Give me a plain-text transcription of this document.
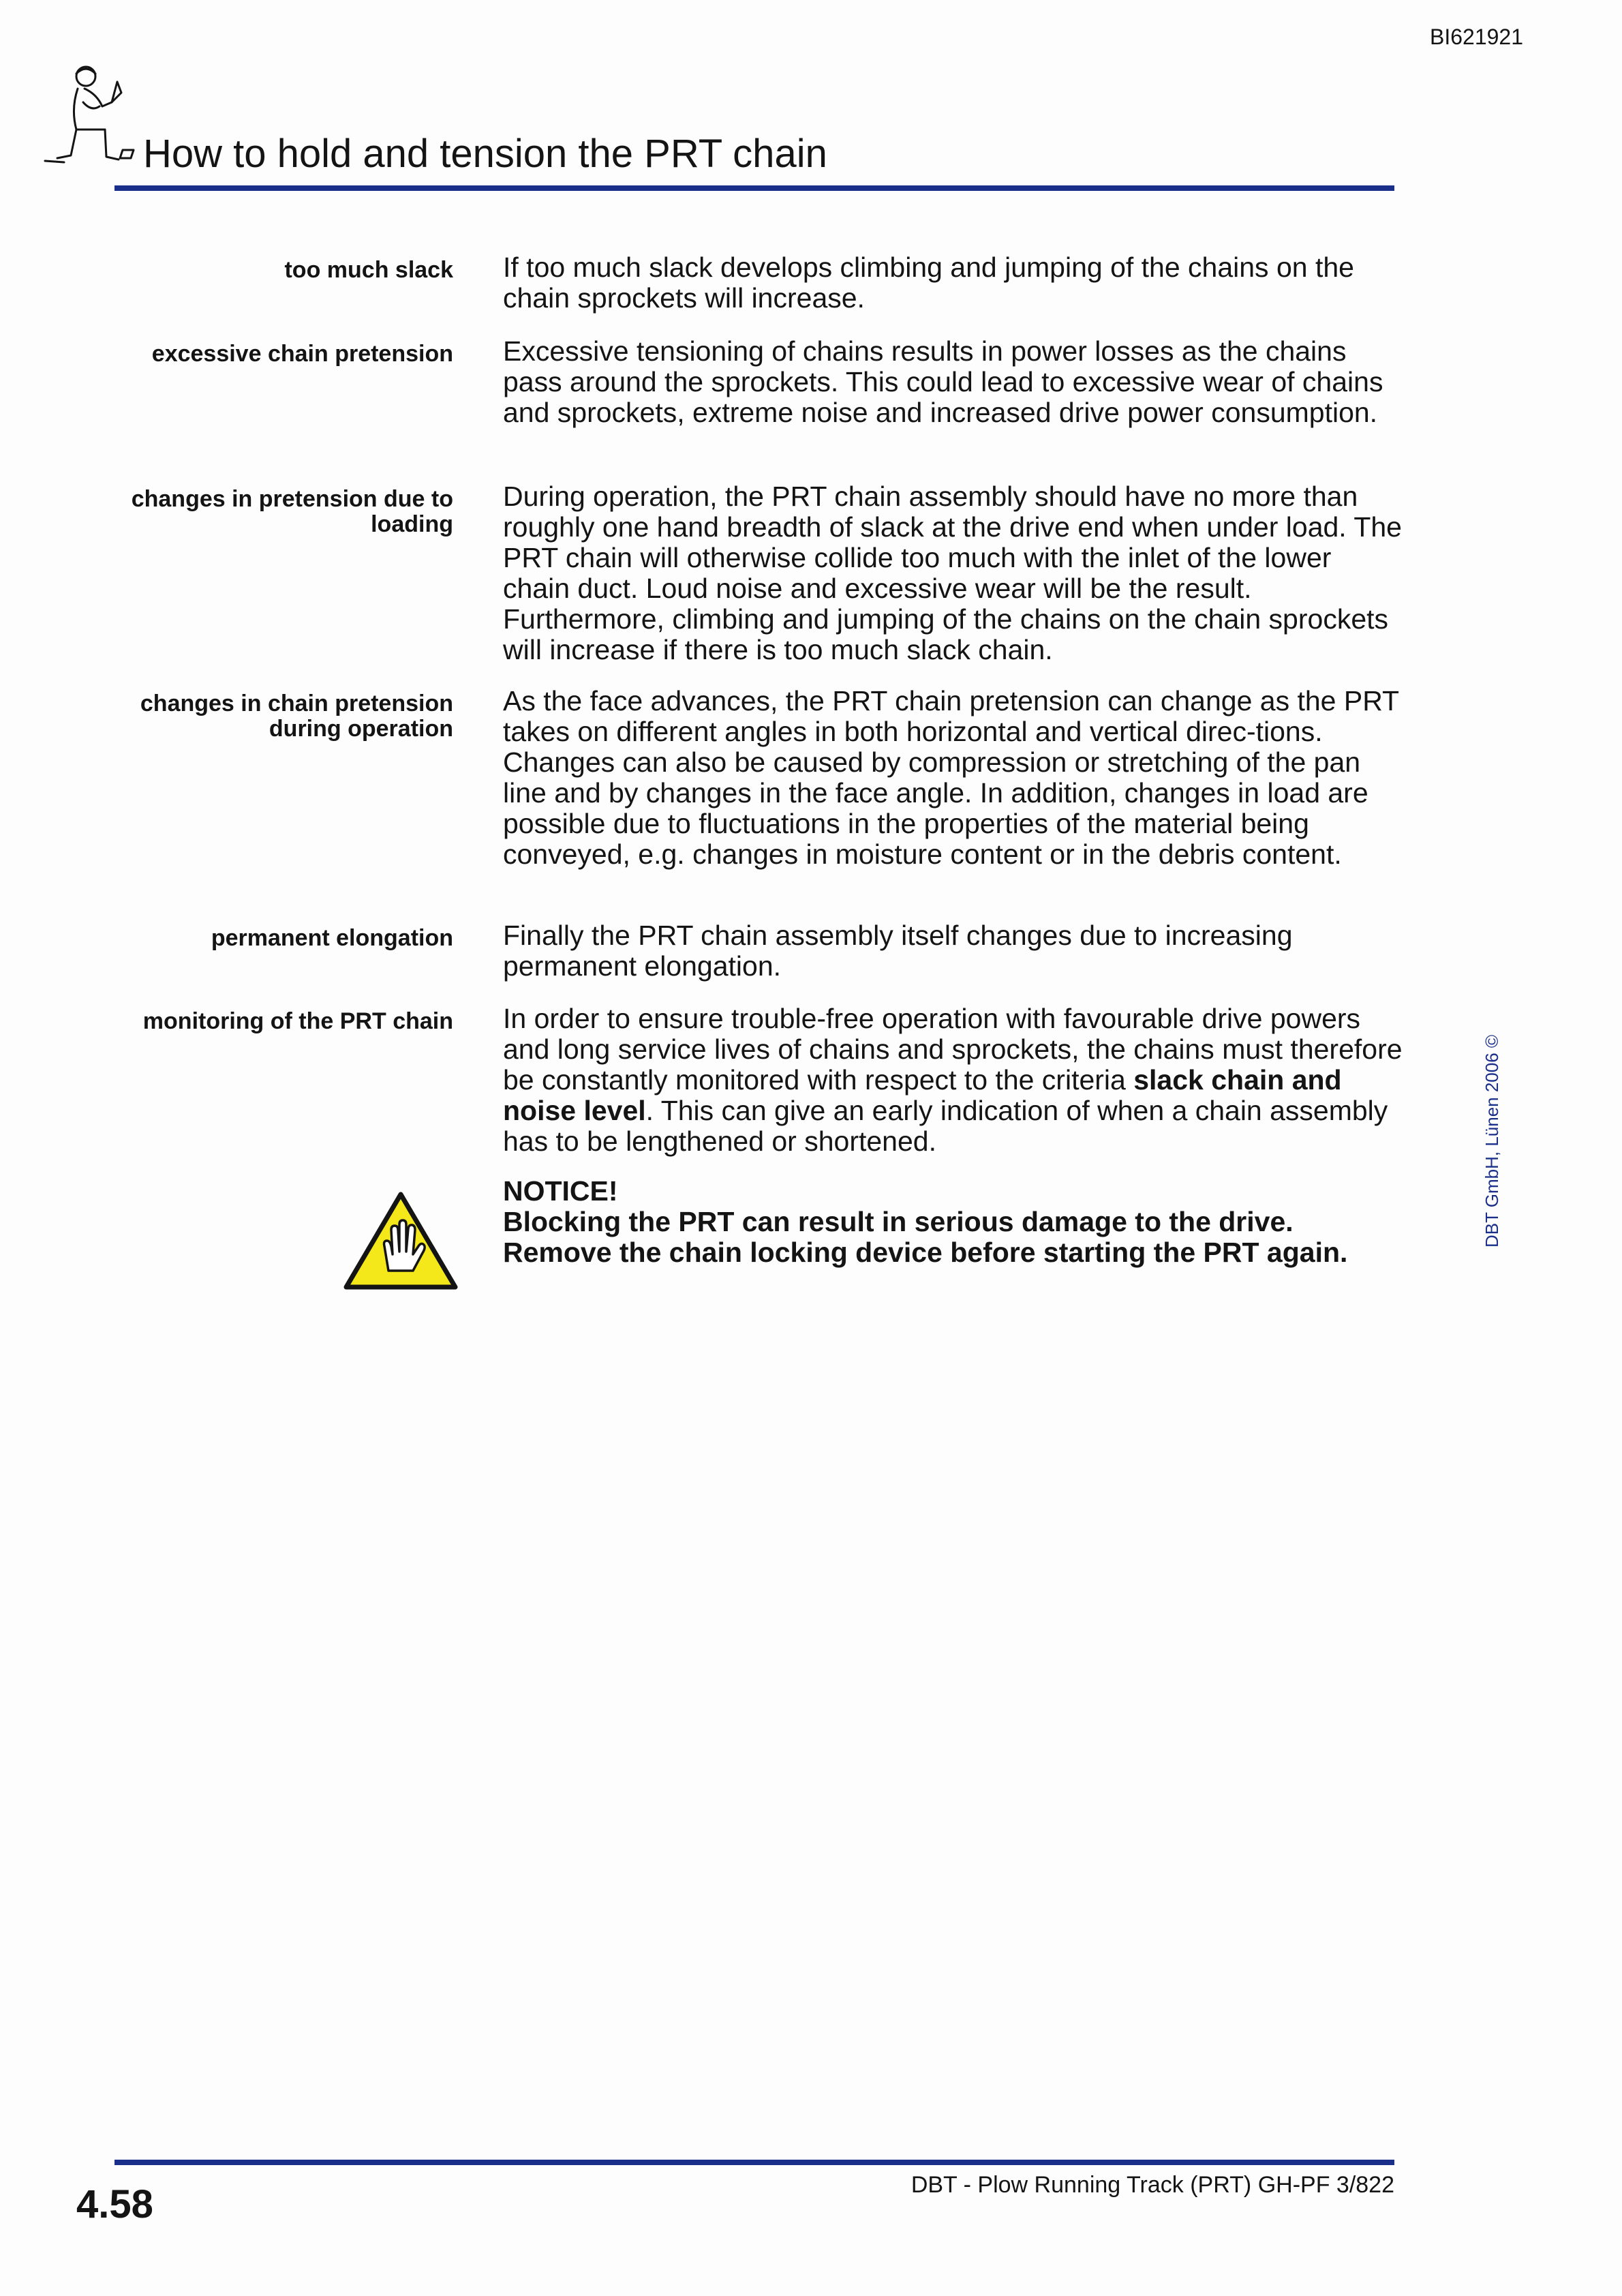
BI621921
How to hold and tension the PRT chain
too much slack If too much slack develops climbing and jumping of the chains on the chain sprockets will increase.

excessive chain pretension Excessive tensioning of chains results in power losses as the chains pass around the sprockets. This could lead to excessive wear of chains and sprockets, extreme noise and increased drive power consumption.

changes in pretension due to loading

During operation, the PRT chain assembly should have no more than roughly one hand breadth of slack at the drive end when under load. The PRT chain will otherwise collide too much with the inlet of the lower chain duct. Loud noise and excessive wear will be the result. Furthermore, climbing and jumping of the chains on the chain sprockets will increase if there is too much slack chain.

changes in chain pretension during operation

As the face advances, the PRT chain pretension can change as the PRT takes on different angles in both horizontal and vertical direc-tions. Changes can also be caused by compression or stretching of the pan line and by changes in the face angle. In addition, changes in load are possible due to fluctuations in the properties of the material being conveyed, e.g. changes in moisture content or in the debris content.

permanent elongation Finally the PRT chain assembly itself changes due to increasing permanent elongation.

monitoring of the PRT chain In order to ensure trouble-free operation with favourable drive powers and long service lives of chains and sprockets, the chains must therefore be constantly monitored with respect to the criteria slack chain and noise level. This can give an early indication of when a chain assembly has to be lengthened or shortened.

NOTICE!
Blocking the PRT can result in serious damage to the drive.
Remove the chain locking device before starting the PRT again.

DBT GmbH, Lünen 2006 ©
4.58	DBT - Plow Running Track (PRT) GH-PF 3/822
